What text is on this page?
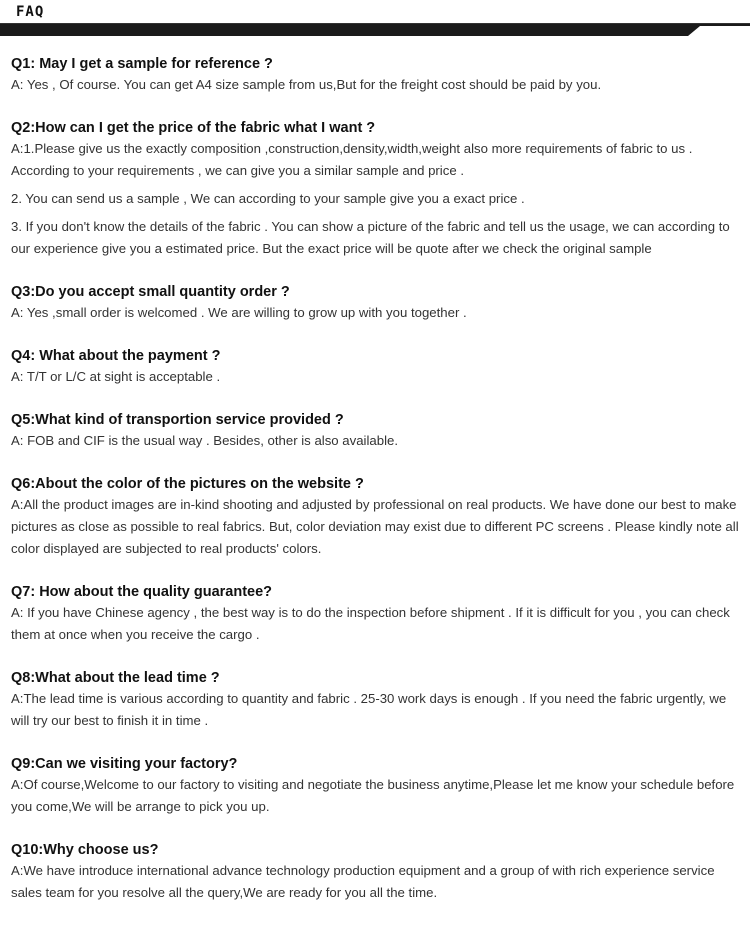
FAQ
Q1: May I get a sample for reference ?

A: Yes , Of course. You can get A4 size sample from us,But for the freight cost should be paid by you.

Q2:How can I get the price of the fabric what I want ?

A:1.Please give us the exactly composition ,construction,density,width,weight also more requirements of fabric to us . According to your requirements , we can give you a similar sample and price .

2. You can send us a sample , We can according to your sample give you a exact price .

3. If you don't know the details of the fabric . You can show a picture of the fabric and tell us the usage, we can according to our experience give you a estimated price. But the exact price will be quote after we check the original sample

Q3:Do you accept small quantity order ?

A: Yes ,small order is welcomed . We are willing to grow up with you together .

Q4: What about the payment ?

A: T/T or L/C at sight is acceptable .

Q5:What kind of transportion service provided ?

A: FOB and CIF is the usual way . Besides, other is also available.

Q6:About the color of the pictures on the website ?

A:All the product images are in-kind shooting and adjusted by professional on real products. We have done our best to make pictures as close as possible to real fabrics. But, color deviation may exist due to different PC screens . Please kindly note all color displayed are subjected to real products' colors.

Q7: How about the quality guarantee?

A: If you have Chinese agency , the best way is to do the inspection before shipment . If it is difficult for you , you can check them at once when you receive the cargo .

Q8:What about the lead time ?

A:The lead time is various according to quantity and fabric . 25-30 work days is enough . If you need the fabric urgently, we will try our best to finish it in time .

Q9:Can we visiting your factory?

A:Of course,Welcome to our factory to visiting and negotiate the business anytime,Please let me know your schedule before you come,We will be arrange to pick you up.

Q10:Why choose us?

A:We have introduce international advance technology production equipment and a group of with rich experience service sales team for you resolve all the query,We are ready for you all the time.
